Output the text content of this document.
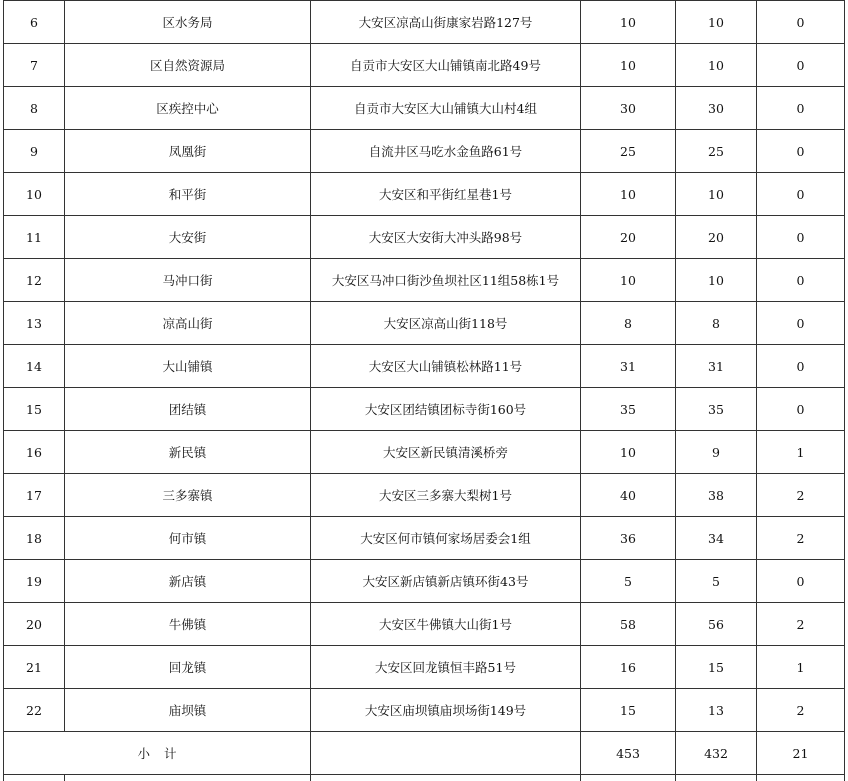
6	区水务局	大安区凉高山街康家岩路127号	10	10	0
7	区自然资源局	自贡市大安区大山铺镇南北路49号	10	10	0
8	区疾控中心	自贡市大安区大山铺镇大山村4组	30	30	0
9	凤凰街	自流井区马吃水金鱼路61号	25	25	0
10	和平街	大安区和平街红星巷1号	10	10	0
11	大安街	大安区大安街大冲头路98号	20	20	0
12	马冲口街	大安区马冲口街沙鱼坝社区11组58栋1号	10	10	0
13	凉高山街	大安区凉高山街118号	8	8	0
14	大山铺镇	大安区大山铺镇松林路11号	31	31	0
15	团结镇	大安区团结镇团标寺街160号	35	35	0
16	新民镇	大安区新民镇清溪桥旁	10	9	1
17	三多寨镇	大安区三多寨大梨树1号	40	38	2
18	何市镇	大安区何市镇何家场居委会1组	36	34	2
19	新店镇	大安区新店镇新店镇环街43号	5	5	0
20	牛佛镇	大安区牛佛镇大山街1号	58	56	2
21	回龙镇	大安区回龙镇恒丰路51号	16	15	1
22	庙坝镇	大安区庙坝镇庙坝场街149号	15	13	2
小计			453	432	21
